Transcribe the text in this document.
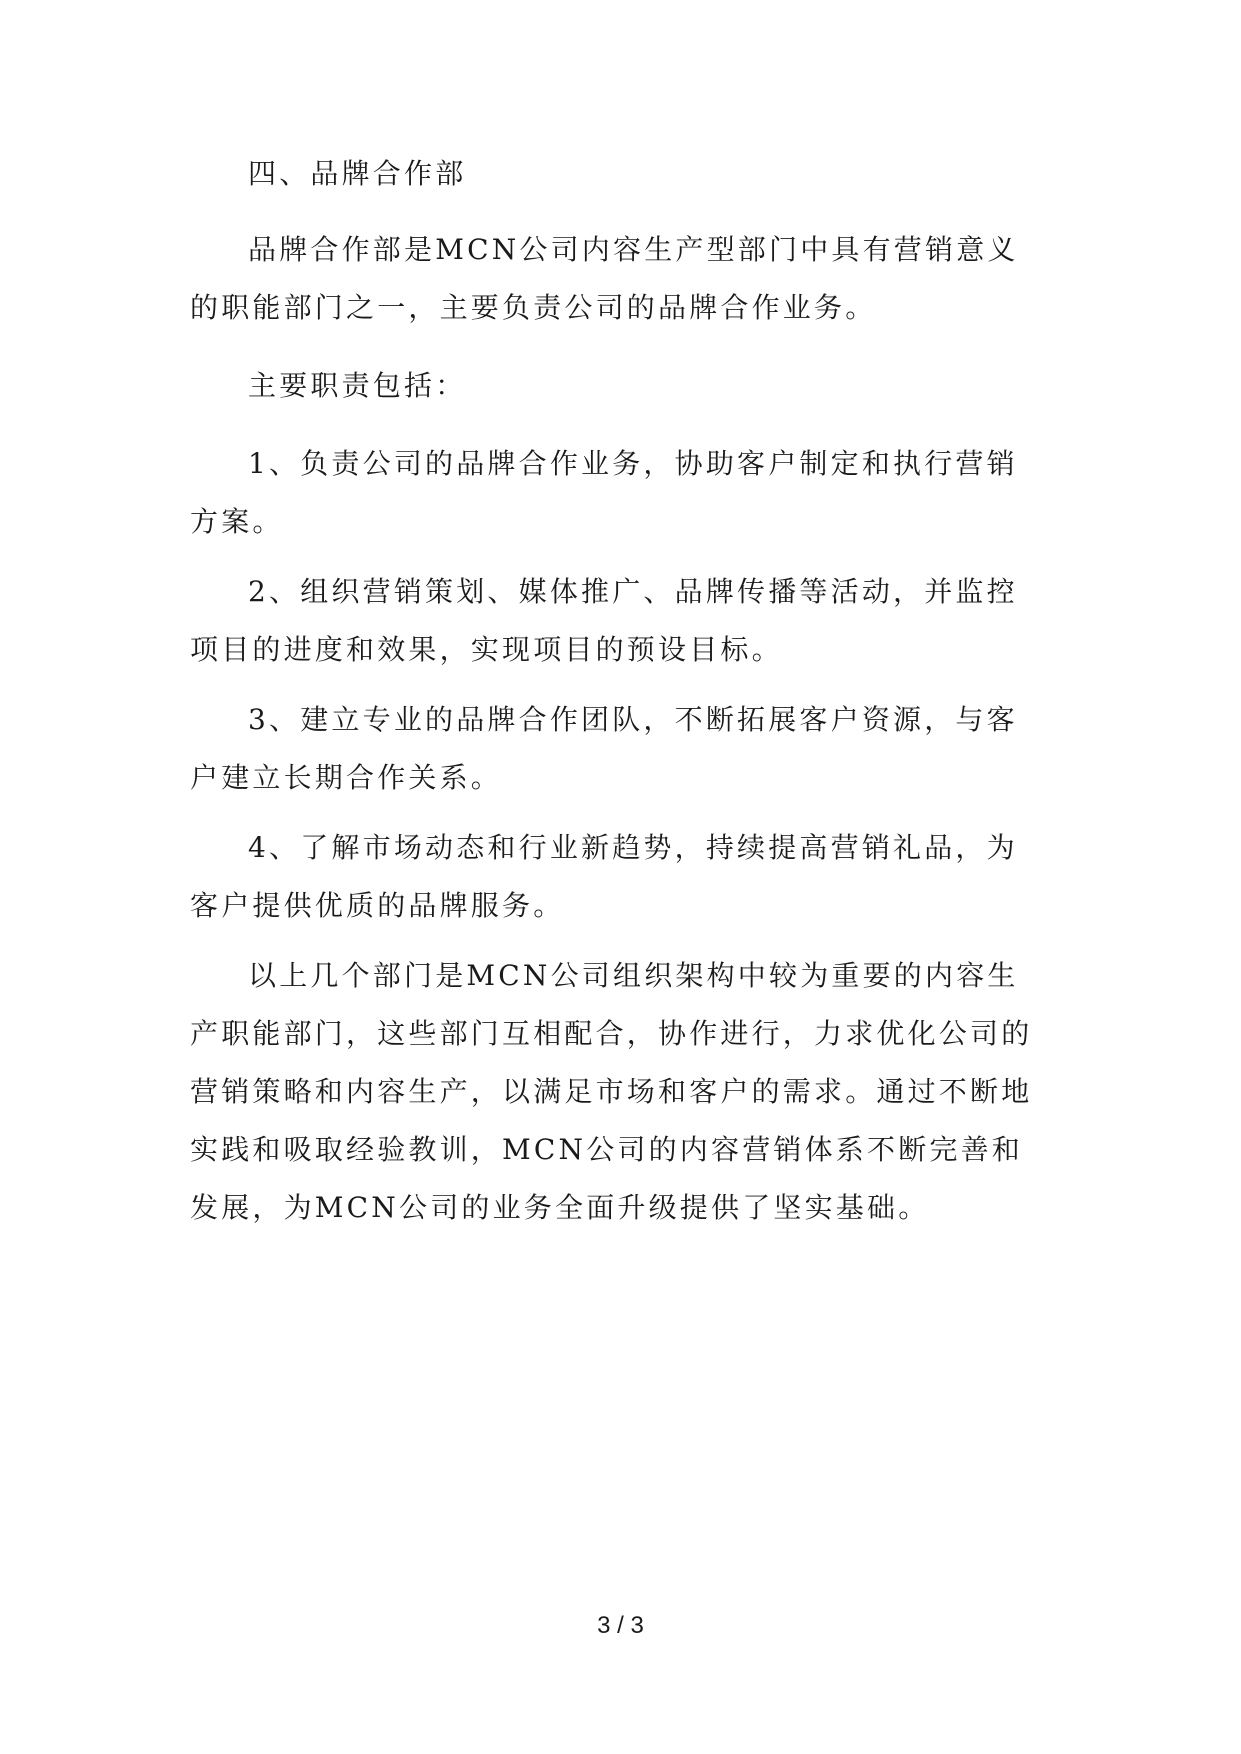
四、品牌合作部

品牌合作部是MCN公司内容生产型部门中具有营销意义的职能部门之一，主要负责公司的品牌合作业务。

主要职责包括：

1、负责公司的品牌合作业务，协助客户制定和执行营销方案。

2、组织营销策划、媒体推广、品牌传播等活动，并监控项目的进度和效果，实现项目的预设目标。

3、建立专业的品牌合作团队，不断拓展客户资源，与客户建立长期合作关系。

4、了解市场动态和行业新趋势，持续提高营销礼品，为客户提供优质的品牌服务。

以上几个部门是MCN公司组织架构中较为重要的内容生产职能部门，这些部门互相配合，协作进行，力求优化公司的营销策略和内容生产，以满足市场和客户的需求。通过不断地实践和吸取经验教训，MCN公司的内容营销体系不断完善和发展，为MCN公司的业务全面升级提供了坚实基础。

3 / 3
